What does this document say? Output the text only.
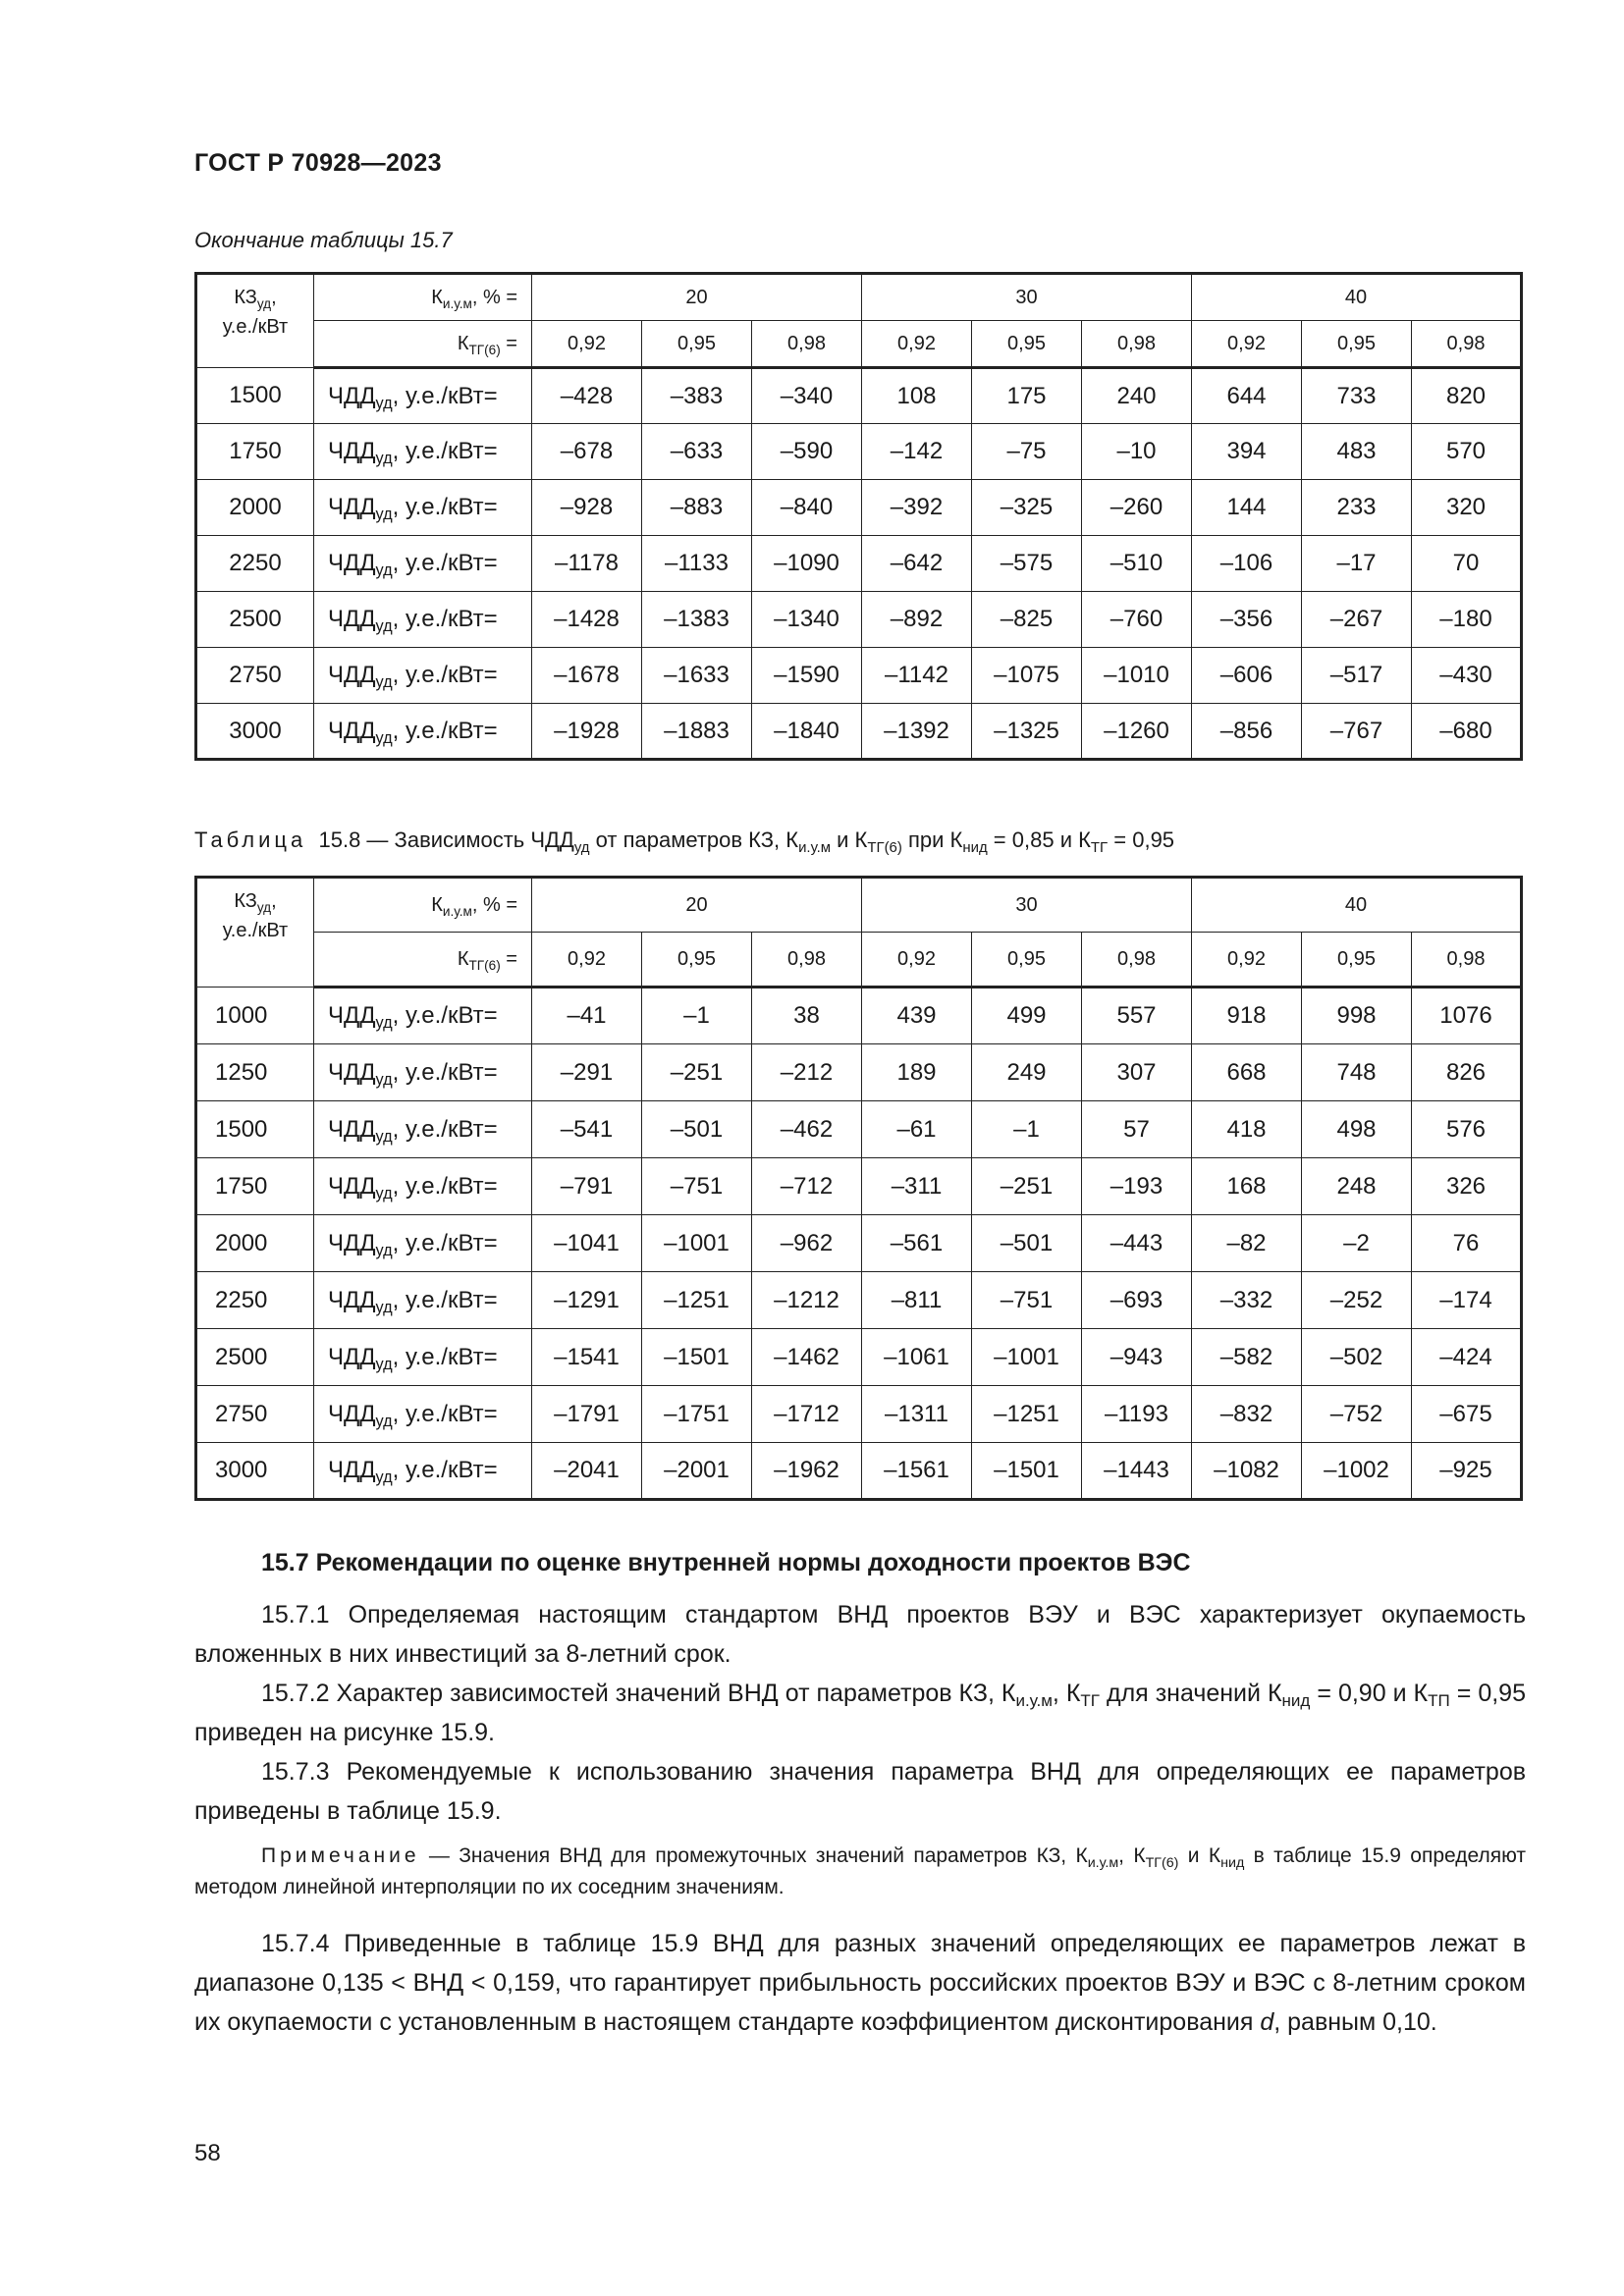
ГОСТ Р 70928—2023
Окончание таблицы 15.7
$КЗ_{уд}$,
у.е./кВт	$К_{и.у.м}$, % =	20			30			40		
	$К_{ТГ(6)}$ =	0,92	0,95	0,98	0,92	0,95	0,98	0,92	0,95	0,98
1500	$ЧДД_{уд}$, у.е./кВт=	–428	–383	–340	108	175	240	644	733	820
1750	$ЧДД_{уд}$, у.е./кВт=	–678	–633	–590	–142	–75	–10	394	483	570
2000	$ЧДД_{уд}$, у.е./кВт=	–928	–883	–840	–392	–325	–260	144	233	320
2250	$ЧДД_{уд}$, у.е./кВт=	–1178	–1133	–1090	–642	–575	–510	–106	–17	70
2500	$ЧДД_{уд}$, у.е./кВт=	–1428	–1383	–1340	–892	–825	–760	–356	–267	–180
2750	$ЧДД_{уд}$, у.е./кВт=	–1678	–1633	–1590	–1142	–1075	–1010	–606	–517	–430
3000	$ЧДД_{уд}$, у.е./кВт=	–1928	–1883	–1840	–1392	–1325	–1260	–856	–767	–680
Таблица 15.8 — Зависимость $ЧДД_{уд}$ от параметров КЗ, $К_{и.у.м}$ и $К_{ТГ(6)}$ при $К_{нид} = 0,85$ и $К_{ТГ} = 0,95$
$КЗ_{уд}$,
у.е./кВт	$К_{и.у.м}$, % =	20			30			40		
	$К_{ТГ(6)}$ =	0,92	0,95	0,98	0,92	0,95	0,98	0,92	0,95	0,98
1000	$ЧДД_{уд}$, у.е./кВт=	–41	–1	38	439	499	557	918	998	1076
1250	$ЧДД_{уд}$, у.е./кВт=	–291	–251	–212	189	249	307	668	748	826
1500	$ЧДД_{уд}$, у.е./кВт=	–541	–501	–462	–61	–1	57	418	498	576
1750	$ЧДД_{уд}$, у.е./кВт=	–791	–751	–712	–311	–251	–193	168	248	326
2000	$ЧДД_{уд}$, у.е./кВт=	–1041	–1001	–962	–561	–501	–443	–82	–2	76
2250	$ЧДД_{уд}$, у.е./кВт=	–1291	–1251	–1212	–811	–751	–693	–332	–252	–174
2500	$ЧДД_{уд}$, у.е./кВт=	–1541	–1501	–1462	–1061	–1001	–943	–582	–502	–424
2750	$ЧДД_{уд}$, у.е./кВт=	–1791	–1751	–1712	–1311	–1251	–1193	–832	–752	–675
3000	$ЧДД_{уд}$, у.е./кВт=	–2041	–2001	–1962	–1561	–1501	–1443	–1082	–1002	–925
15.7 Рекомендации по оценке внутренней нормы доходности проектов ВЭС
15.7.1 Определяемая настоящим стандартом ВНД проектов ВЭУ и ВЭС характеризует окупаемость вложенных в них инвестиций за 8-летний срок.
15.7.2 Характер зависимостей значений ВНД от параметров КЗ, $К_{и.у.м}$, $К_{ТГ}$ для значений $К_{нид} = 0,90$ и $К_{ТП} = 0,95$ приведен на рисунке 15.9.
15.7.3 Рекомендуемые к использованию значения параметра ВНД для определяющих ее параметров приведены в таблице 15.9.
Примечание — Значения ВНД для промежуточных значений параметров КЗ, $К_{и.у.м}$, $К_{ТГ(6)}$ и $К_{нид}$ в таблице 15.9 определяют методом линейной интерполяции по их соседним значениям.
15.7.4 Приведенные в таблице 15.9 ВНД для разных значений определяющих ее параметров лежат в диапазоне 0,135 < ВНД < 0,159, что гарантирует прибыльность российских проектов ВЭУ и ВЭС с 8-летним сроком их окупаемости с установленным в настоящем стандарте коэффициентом дисконтирования d, равным 0,10.
58
